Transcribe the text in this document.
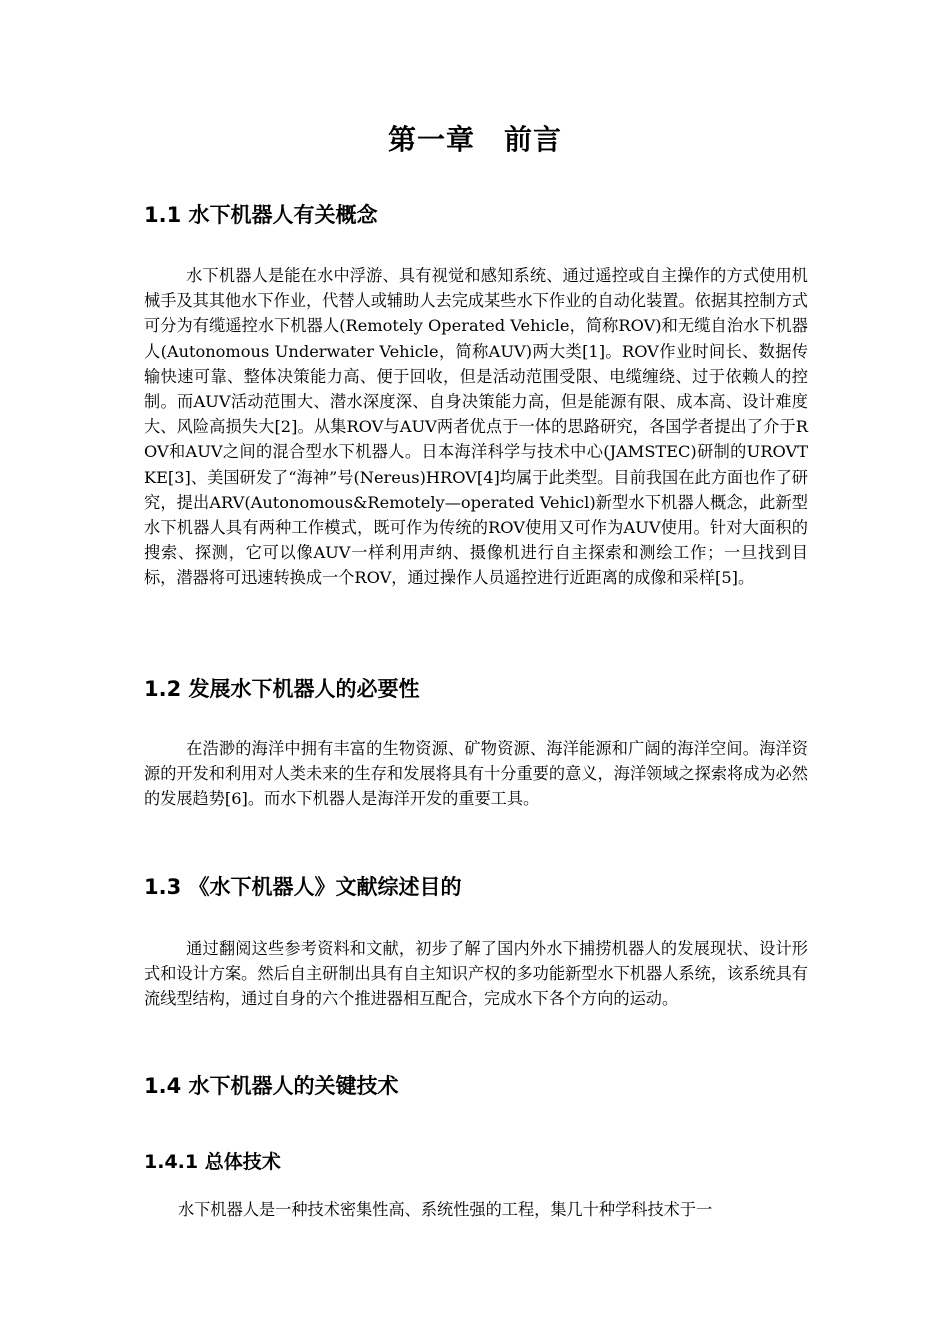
第一章　前言
1.1 水下机器人有关概念

水下机器人是能在水中浮游、具有视觉和感知系统、通过遥控或自主操作的方式使用机械手及其其他水下作业，代替人或辅助人去完成某些水下作业的自动化装置。依据其控制方式可分为有缆遥控水下机器人(Remotely Operated Vehicle，简称ROV)和无缆自治水下机器人(Autonomous Underwater Vehicle，简称AUV)两大类[1]。ROV作业时间长、数据传输快速可靠、整体决策能力高、便于回收，但是活动范围受限、电缆缠绕、过于依赖人的控制。而AUV活动范围大、潜水深度深、自身决策能力高，但是能源有限、成本高、设计难度大、风险高损失大[2]。从集ROV与AUV两者优点于一体的思路研究，各国学者提出了介于ROV和AUV之间的混合型水下机器人。日本海洋科学与技术中心(JAMSTEC)研制的UROVTKE[3]、美国研发了“海神”号(Nereus)HROV[4]均属于此类型。目前我国在此方面也作了研究，提出ARV(Autonomous&Remotely—operated Vehicl)新型水下机器人概念，此新型水下机器人具有两种工作模式，既可作为传统的ROV使用又可作为AUV使用。针对大面积的搜索、探测，它可以像AUV一样利用声纳、摄像机进行自主探索和测绘工作；一旦找到目标，潜器将可迅速转换成一个ROV，通过操作人员遥控进行近距离的成像和采样[5]。

1.2 发展水下机器人的必要性

在浩渺的海洋中拥有丰富的生物资源、矿物资源、海洋能源和广阔的海洋空间。海洋资源的开发和利用对人类未来的生存和发展将具有十分重要的意义，海洋领域之探索将成为必然的发展趋势[6]。而水下机器人是海洋开发的重要工具。

1.3 《水下机器人》文献综述目的

通过翻阅这些参考资料和文献，初步了解了国内外水下捕捞机器人的发展现状、设计形式和设计方案。然后自主研制出具有自主知识产权的多功能新型水下机器人系统，该系统具有流线型结构，通过自身的六个推进器相互配合，完成水下各个方向的运动。

1.4 水下机器人的关键技术
1.4.1 总体技术

水下机器人是一种技术密集性高、系统性强的工程，集几十种学科技术于一
